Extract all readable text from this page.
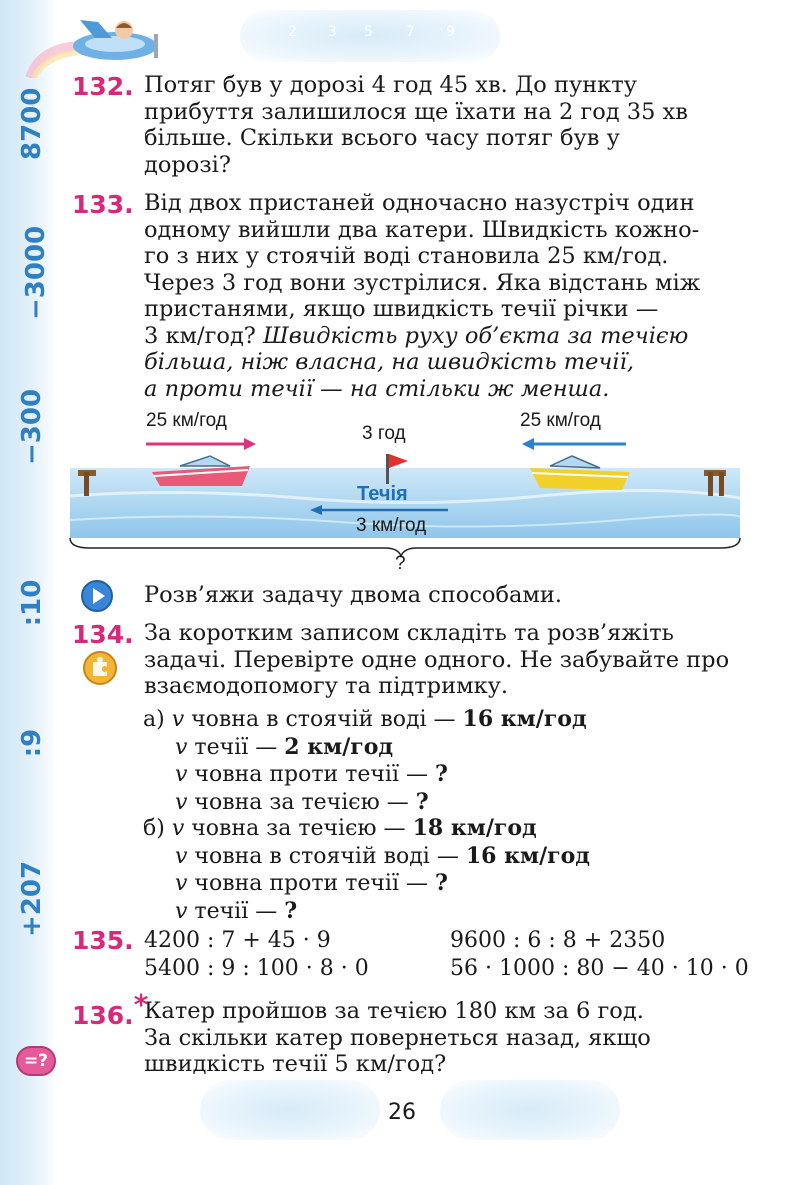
8700
−3000
−300
:10
:9
+207
2 3 5 7 9
132. Потяг був у дорозі 4 год 45 хв. До пункту
прибуття залишилося ще їхати на 2 год 35 хв
більше. Скільки всього часу потяг був у
дорозі?
133. Від двох пристаней одночасно назустріч один
одному вийшли два катери. Швидкість кожно-
го з них у стоячій воді становила 25 км/год.
Через 3 год вони зустрілися. Яка відстань між
пристанями, якщо швидкість течії річки —
3 км/год? Швидкість руху об’єкта за течією
більша, ніж власна, на швидкість течії,
а проти течії — на стільки ж менша.
25 км/год	25 км/год
3 год
Течія
3 км/год
?
Розв’яжи задачу двома способами.
134. За коротким записом складіть та розв’яжіть
задачі. Перевірте одне одного. Не забувайте про
взаємодопомогу та підтримку.
а) v човна в стоячій воді — 16 км/год
v течії — 2 км/год
v човна проти течії — ?
v човна за течією — ?
б) v човна за течією — 18 км/год
v човна в стоячій воді — 16 км/год
v човна проти течії — ?
v течії — ?
135. 4200 : 7 + 45 · 9	9600 : 6 : 8 + 2350
5400 : 9 : 100 · 8 · 0	56 · 1000 : 80 − 40 · 10 · 0
136.*
Катер пройшов за течією 180 км за 6 год.
За скільки катер повернеться назад, якщо
швидкість течії 5 км/год?
=?
26
